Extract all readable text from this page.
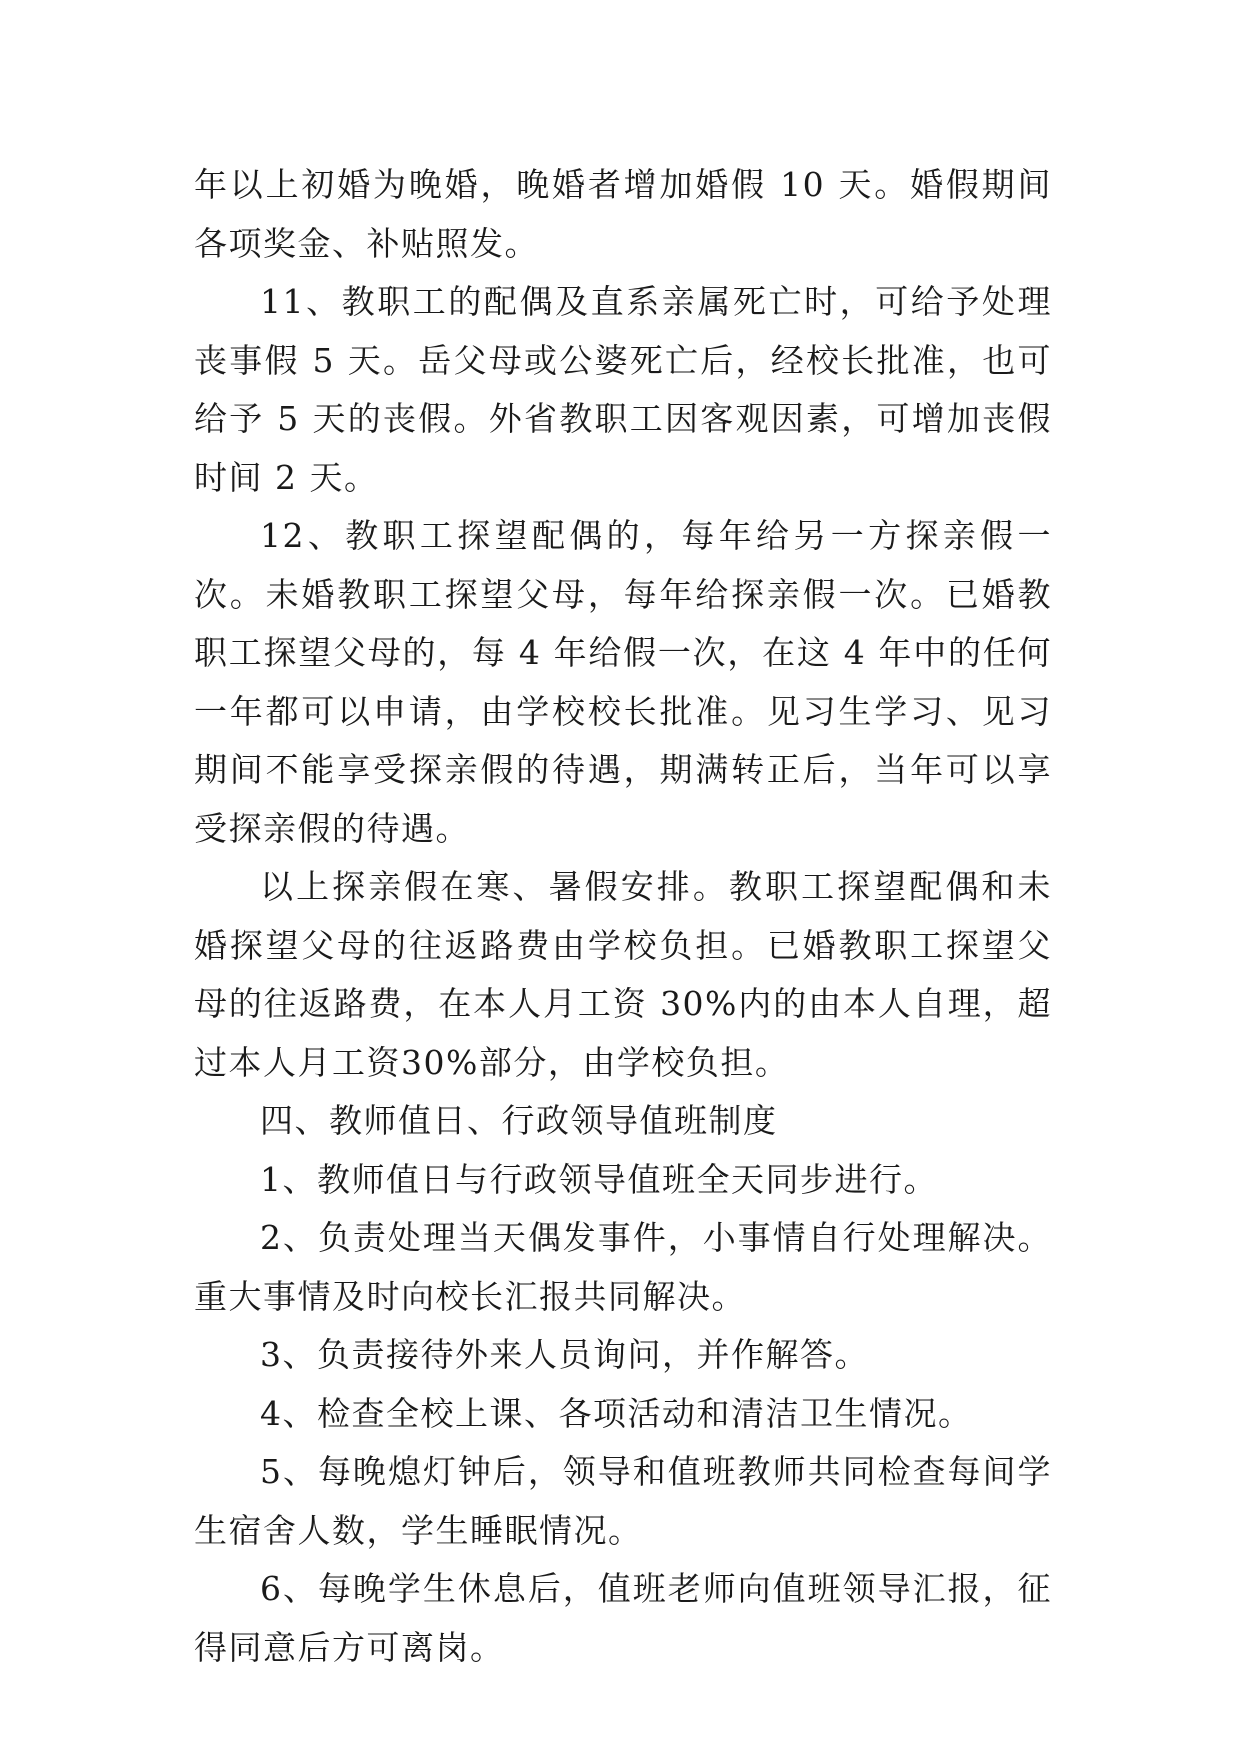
年以上初婚为晚婚，晚婚者增加婚假 10 天。婚假期间各项奖金、补贴照发。

11、教职工的配偶及直系亲属死亡时，可给予处理丧事假 5 天。岳父母或公婆死亡后，经校长批准，也可给予 5 天的丧假。外省教职工因客观因素，可增加丧假时间 2 天。

12、教职工探望配偶的，每年给另一方探亲假一次。未婚教职工探望父母，每年给探亲假一次。已婚教职工探望父母的，每 4 年给假一次，在这 4 年中的任何一年都可以申请，由学校校长批准。见习生学习、见习期间不能享受探亲假的待遇，期满转正后，当年可以享受探亲假的待遇。

以上探亲假在寒、暑假安排。教职工探望配偶和未婚探望父母的往返路费由学校负担。已婚教职工探望父母的往返路费，在本人月工资 30%内的由本人自理，超过本人月工资30%部分，由学校负担。

四、教师值日、行政领导值班制度

1、教师值日与行政领导值班全天同步进行。

2、负责处理当天偶发事件，小事情自行处理解决。重大事情及时向校长汇报共同解决。

3、负责接待外来人员询问，并作解答。

4、检查全校上课、各项活动和清洁卫生情况。

5、每晚熄灯钟后，领导和值班教师共同检查每间学生宿舍人数，学生睡眠情况。

6、每晚学生休息后，值班老师向值班领导汇报，征得同意后方可离岗。
